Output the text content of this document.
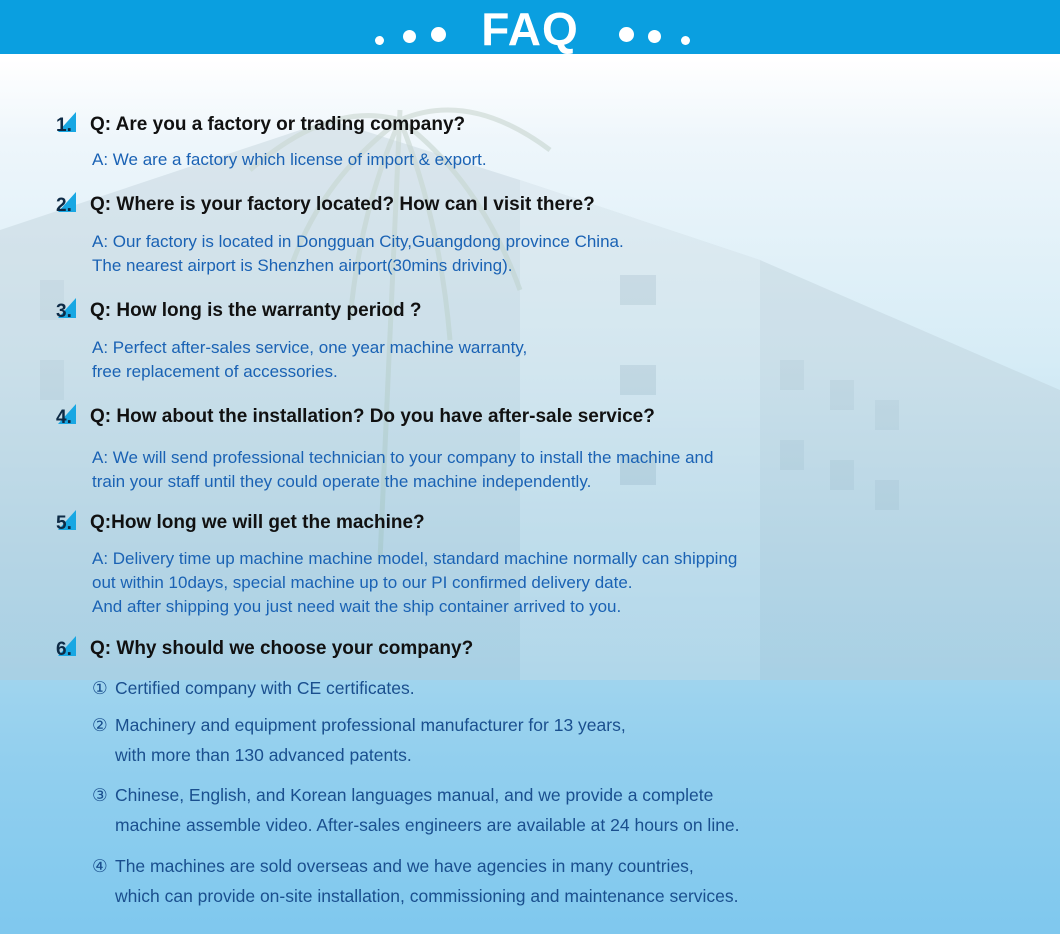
FAQ
1. Q: Are you a factory or trading company?
A: We are a factory which license of import & export.
2. Q: Where is your factory located? How can I visit there?
A: Our factory is located in Dongguan City,Guangdong province China.
The nearest airport is Shenzhen airport(30mins driving).
3. Q: How long is the warranty period ?
A: Perfect after-sales service, one year machine warranty,
free replacement of accessories.
4. Q: How about the installation? Do you have after-sale service?
A: We will send professional technician to your company to install the machine and
train your staff until they could operate the machine independently.
5. Q:How long we will get the machine?
A: Delivery time up machine machine model, standard machine normally can shipping
out within 10days, special machine up to our PI confirmed delivery date.
And after shipping you just need wait the ship container arrived to you.
6. Q: Why should we choose your company?
① Certified company with CE certificates.
② Machinery and equipment professional manufacturer for 13 years,
with more than 130 advanced patents.
③ Chinese, English, and Korean languages manual, and we provide a complete
machine assemble video. After-sales engineers are available at 24 hours on line.
④ The machines are sold overseas and we have agencies in many countries,
which can provide on-site installation, commissioning and maintenance services.
